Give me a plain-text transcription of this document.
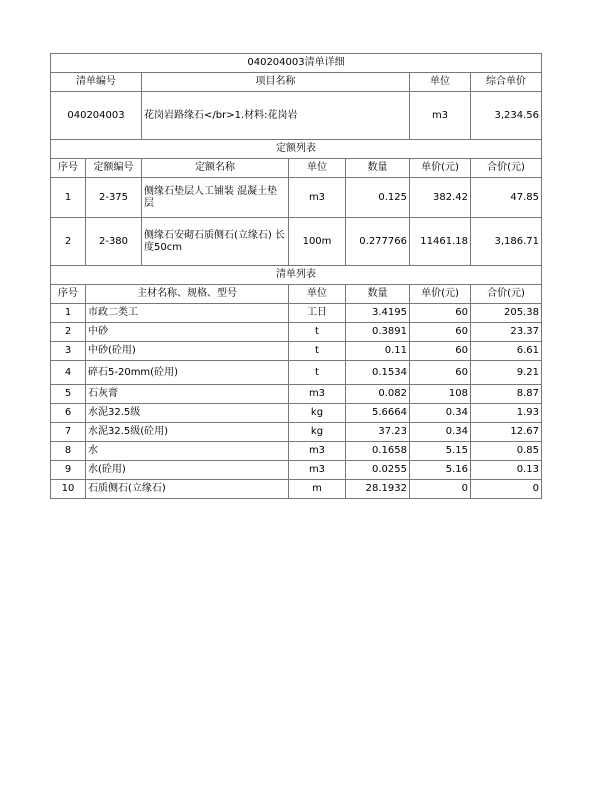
040204003清单详细						
清单编号		项目名称			单位	综合单价
040204003		花岗岩路缘石</br>1.材料:花岗岩			m3	3,234.56
定额列表						
序号	定额编号	定额名称	单位	数量	单价(元)	合价(元)
1	2-375	侧缘石垫层人工铺装 混凝土垫层	m3	0.125	382.42	47.85
2	2-380	侧缘石安砌石质侧石(立缘石) 长度50cm	100m	0.277766	11461.18	3,186.71
清单列表						
序号	主材名称、规格、型号		单位	数量	单价(元)	合价(元)
1	市政二类工		工日	3.4195	60	205.38
2	中砂		t	0.3891	60	23.37
3	中砂(砼用)		t	0.11	60	6.61
4	碎石5-20mm(砼用)		t	0.1534	60	9.21
5	石灰膏		m3	0.082	108	8.87
6	水泥32.5级		kg	5.6664	0.34	1.93
7	水泥32.5级(砼用)		kg	37.23	0.34	12.67
8	水		m3	0.1658	5.15	0.85
9	水(砼用)		m3	0.0255	5.16	0.13
10	石质侧石(立缘石)		m	28.1932	0	0
